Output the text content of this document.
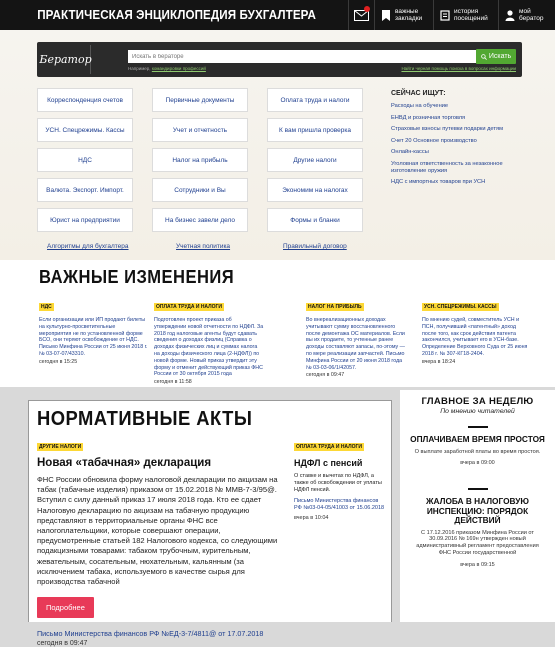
ПРАКТИЧЕСКАЯ ЭНЦИКЛОПЕДИЯ БУХГАЛТЕРА	важные закладки
история посещений
мой бератор
Бератор
Искать в бераторе	Искать
Например, командировки профессий	Найти черная помощь поиска в вопросах информации
Корреспонденция счетов	Первичные документы	Оплата труда и налоги
УСН. Спецрежимы. Кассы	Учет и отчетность	К вам пришла проверка
НДС	Налог на прибыль	Другие налоги
Валюта. Экспорт. Импорт.	Сотрудники и Вы	Экономим на налогах
Юрист на предприятии	На бизнес завели дело	Формы и бланки
Алгоритмы для бухгалтера	Учетная политика	Правильный договор
СЕЙЧАС ИЩУТ:
Расходы на обучение
ЕНВД и розничная торговля
Страховые взносы путевки подарки детям
Счет 20 Основное производство
Онлайн-кассы
Уголовная ответственность за незаконное изготовление оружия
НДС с импортных товаров при УСН
ВАЖНЫЕ ИЗМЕНЕНИЯ
НДС
Если организации или ИП продают билеты на культурно-просветительные мероприятия не по установленной форме БСО, они теряют освобождение от НДС. Письмо Минфина России от 25 июня 2018 г. № 03-07-07/43310.
сегодня в 15:25
ОПЛАТА ТРУДА И НАЛОГИ
Подготовлен проект приказа об утверждении новой отчетности по НДФЛ. За 2018 год налоговые агенты будут сдавать сведения о доходах физлиц (Справка о доходах физических лиц и суммах налога на доходы физического лица (2-НДФЛ)) по новой форме. Новый приказ утвердит эту форму и отменит действующий приказ ФНС России от 30 октября 2015 года
сегодня в 11:58
НАЛОГ НА ПРИБЫЛЬ
Во внереализационных доходах учитывают сумму восстановленного после демонтажа ОС материалов. Если вы их продаете, то учтенные ранее доходы составляют запасы, по-этому — по мере реализации запчастей. Письмо Минфина России от 20 июня 2018 года № 03-03-06/1/42057.
сегодня в 09:47
УСН. СПЕЦРЕЖИМЫ. КАССЫ
По мнению судей, совместитель УСН и ПСН, получивший «патентный» доход после того, как срок действия патента закончился, учитывает его в УСН-базе. Определение Верховного Суда от 25 июня 2018 г. № 307-КГ18-2404.
вчера в 18:24
НОРМАТИВНЫЕ АКТЫ
ДРУГИЕ НАЛОГИ
Новая «табачная» декларация

ФНС России обновила форму налоговой декларации по акцизам на табак (табачные изделия) приказом от 15.02.2018 № ММВ-7-3/95@. Вступил с силу данный приказ 17 июля 2018 года. Кто ее сдает Налоговую декларацию по акцизам на табачную продукцию представляют в территориальные органы ФНС все налогоплательщики, которые совершают операции, предусмотренные статьей 182 Налогового кодекса, со следующими подакцизными товарами: табаком трубочным, курительным, жевательным, сосательным, нюхательным, кальянным (за исключением табака, используемого в качестве сырья для производства табачной

Подробнее
Письмо Министерства финансов РФ №ЕД-3-7/4811@ от 17.07.2018
сегодня в 09:47
ОПЛАТА ТРУДА И НАЛОГИ
НДФЛ с пенсий

О ставке и вычетах по НДФЛ, а также об освобождении от уплаты НДФЛ пенсий.

Письмо Министерства финансов РФ №03-04-05/41003 от 15.06.2018
вчера в 10:04
ГЛАВНОЕ ЗА НЕДЕЛЮ
По мнению читателей
ОПЛАЧИВАЕМ ВРЕМЯ ПРОСТОЯ

О выплате заработной платы во время простоя.

вчера в 09:00
ЖАЛОБА В НАЛОГОВУЮ ИНСПЕКЦИЮ: ПОРЯДОК ДЕЙСТВИЙ

С 17.12.2016 приказом Минфина России от 30.09.2016 № 169н утвержден новый административный регламент предоставления ФНС России государственной

вчера в 09:15
